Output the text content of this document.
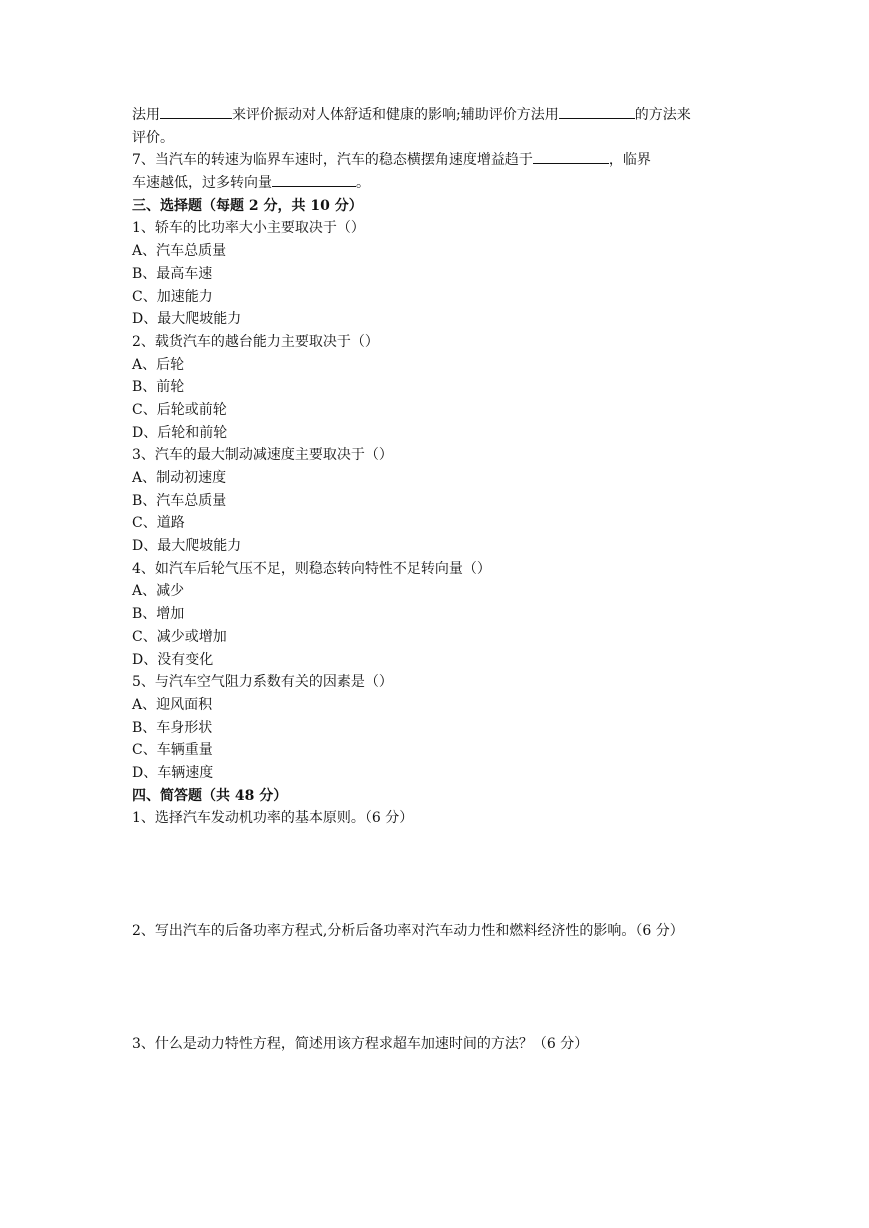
法用	来评价振动对人体舒适和健康的影响;辅助评价方法用	的方法来
评价。
7、当汽车的转速为临界车速时，汽车的稳态横摆角速度增益趋于	，临界
车速越低，过多转向量	。
三、选择题（每题 2 分，共 10 分）
1、轿车的比功率大小主要取决于（）
A、汽车总质量
B、最高车速
C、加速能力
D、最大爬坡能力
2、载货汽车的越台能力主要取决于（）
A、后轮
B、前轮
C、后轮或前轮
D、后轮和前轮
3、汽车的最大制动减速度主要取决于（）
A、制动初速度
B、汽车总质量
C、道路
D、最大爬坡能力
4、如汽车后轮气压不足，则稳态转向特性不足转向量（）
A、减少
B、增加
C、减少或增加
D、没有变化
5、与汽车空气阻力系数有关的因素是（）
A、迎风面积
B、车身形状
C、车辆重量
D、车辆速度
四、简答题（共 48 分）
1、选择汽车发动机功率的基本原则。（6 分）
2、写出汽车的后备功率方程式,分析后备功率对汽车动力性和燃料经济性的影响。（6 分）
3、什么是动力特性方程，简述用该方程求超车加速时间的方法？（6 分）
